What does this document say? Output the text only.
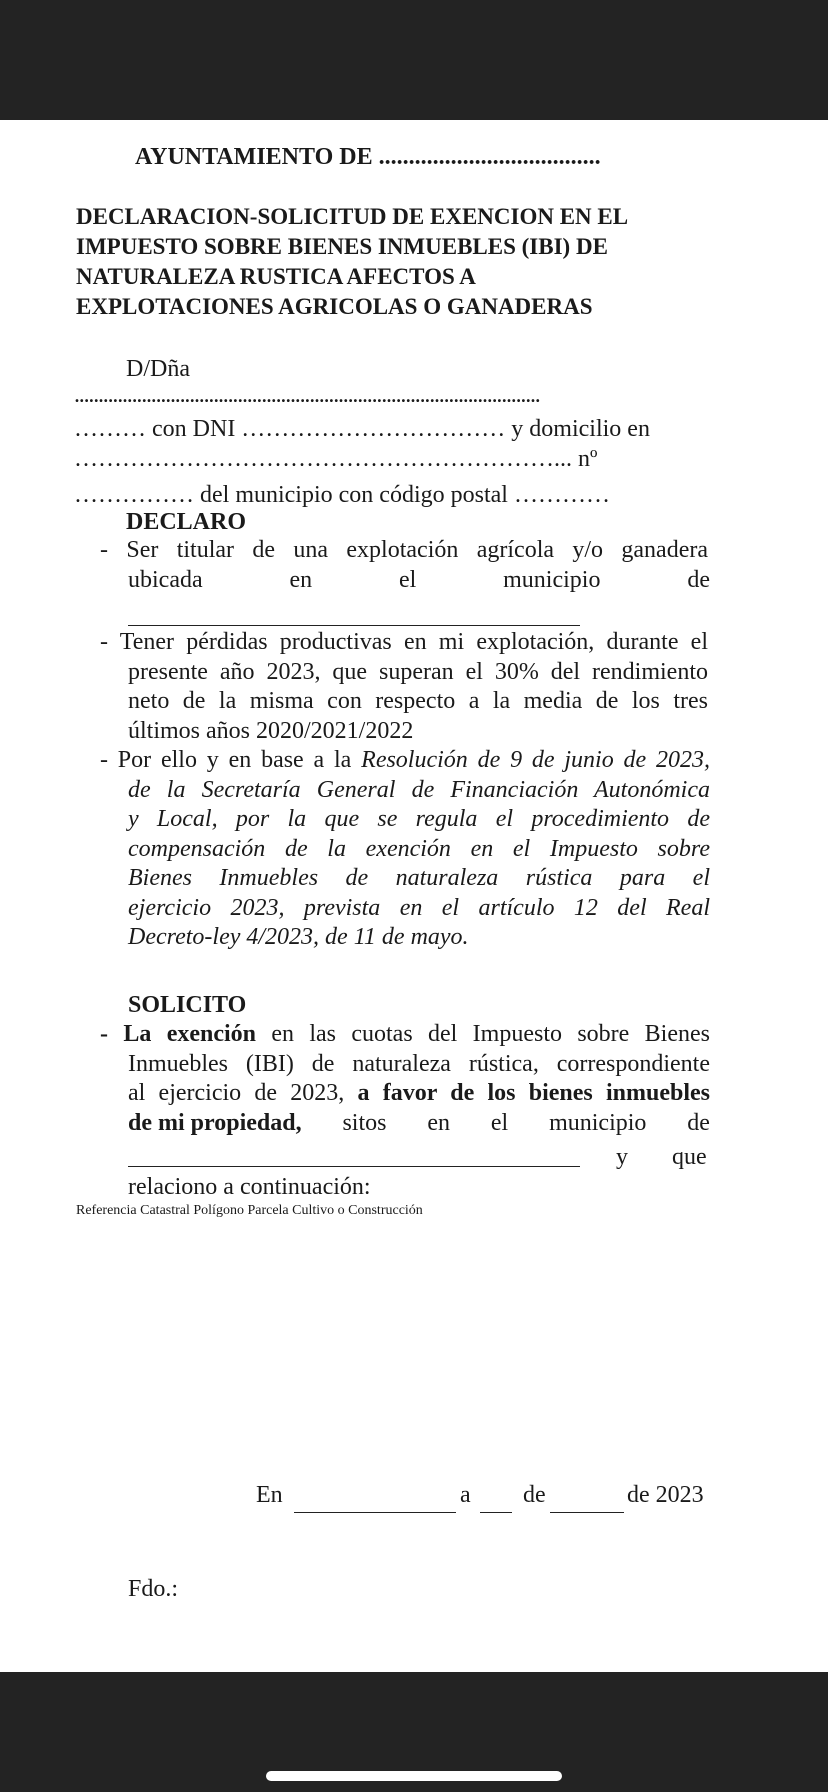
AYUNTAMIENTO DE .....................................
DECLARACION-SOLICITUD DE EXENCION EN EL
IMPUESTO SOBRE BIENES INMUEBLES (IBI) DE
NATURALEZA RUSTICA AFECTOS A
EXPLOTACIONES AGRICOLAS O GANADERAS
D/Dña
.................................................................................................
……… con DNI …………………………… y domicilio en
……………………………………………………... nº
…………… del municipio con código postal …………
DECLARO
- Ser titular de una explotación agrícola y/o ganadera
ubicada	en	el	municipio	de
- Tener pérdidas productivas en mi explotación, durante el
presente año 2023, que superan el 30% del rendimiento
neto de la misma con respecto a la media de los tres
últimos años 2020/2021/2022
- Por ello y en base a la Resolución de 9 de junio de 2023,
de la Secretaría General de Financiación Autonómica
y Local, por la que se regula el procedimiento de
compensación de la exención en el Impuesto sobre
Bienes Inmuebles de naturaleza rústica para el
ejercicio 2023, prevista en el artículo 12 del Real
Decreto-ley 4/2023, de 11 de mayo.
SOLICITO
- La exención en las cuotas del Impuesto sobre Bienes
Inmuebles (IBI) de naturaleza rústica, correspondiente
al ejercicio de 2023, a favor de los bienes inmuebles
de mi propiedad, sitos en el municipio de
y que
relaciono a continuación:
Referencia Catastral Polígono Parcela Cultivo o Construcción
En	a de	de 2023
Fdo.:
